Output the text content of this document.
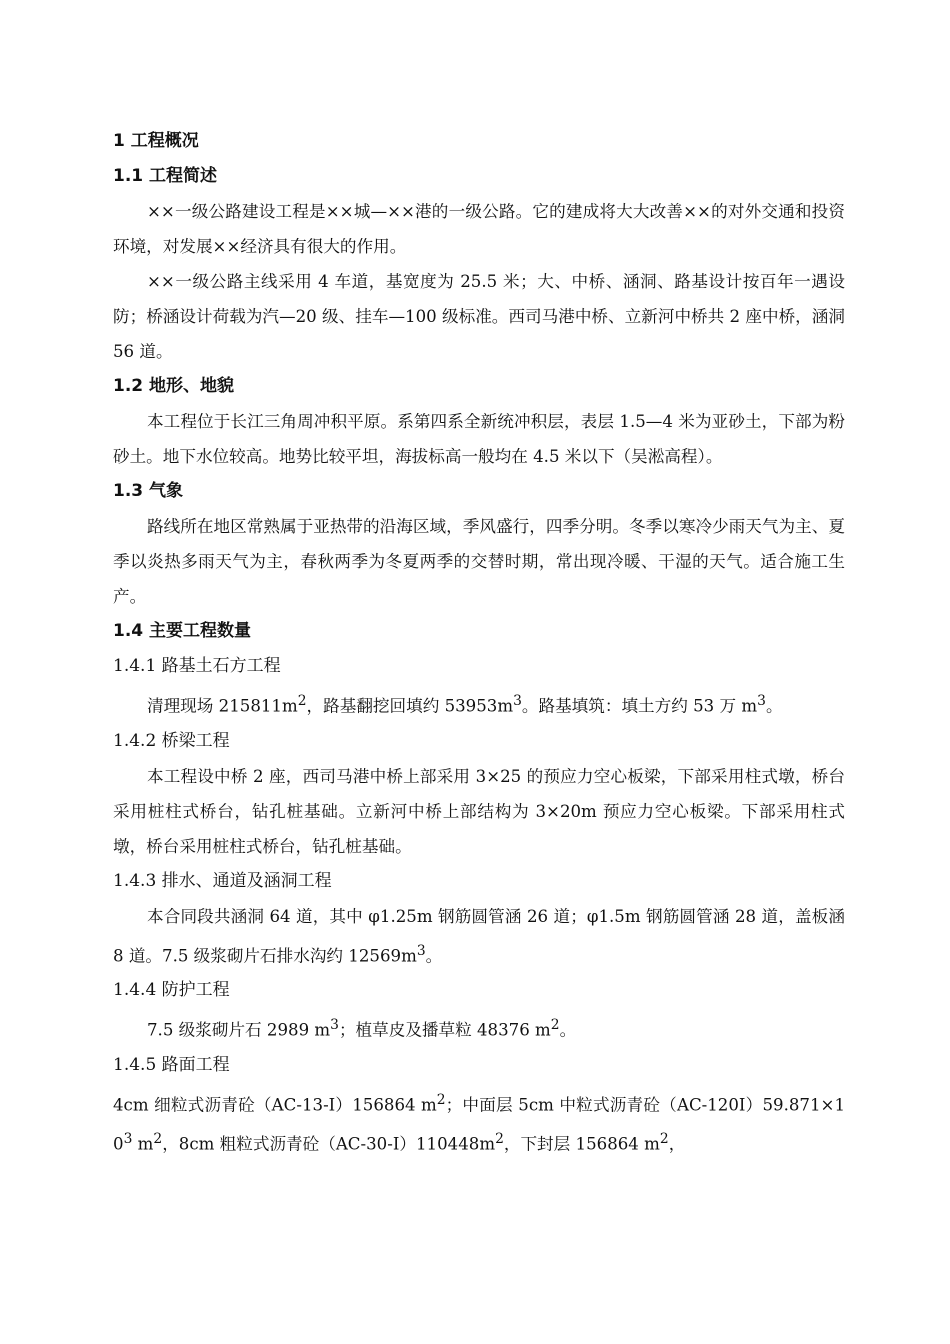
1 工程概况
1.1 工程简述
××一级公路建设工程是××城—××港的一级公路。它的建成将大大改善××的对外交通和投资环境，对发展××经济具有很大的作用。
××一级公路主线采用 4 车道，基宽度为 25.5 米；大、中桥、涵洞、路基设计按百年一遇设防；桥涵设计荷载为汽—20 级、挂车—100 级标准。西司马港中桥、立新河中桥共 2 座中桥，涵洞 56 道。
1.2 地形、地貌
本工程位于长江三角周冲积平原。系第四系全新统冲积层，表层 1.5—4 米为亚砂土，下部为粉砂土。地下水位较高。地势比较平坦，海拔标高一般均在 4.5 米以下（吴淞高程）。
1.3 气象
路线所在地区常熟属于亚热带的沿海区域，季风盛行，四季分明。冬季以寒冷少雨天气为主、夏季以炎热多雨天气为主，春秋两季为冬夏两季的交替时期，常出现冷暖、干湿的天气。适合施工生产。
1.4 主要工程数量
1.4.1 路基土石方工程
清理现场 $215811m^2$，路基翻挖回填约 $53953m^3$。路基填筑：填土方约 53 万 $m^3$。
1.4.2 桥梁工程
本工程设中桥 2 座，西司马港中桥上部采用 3×25 的预应力空心板梁，下部采用柱式墩，桥台采用桩柱式桥台，钻孔桩基础。立新河中桥上部结构为 3×20m 预应力空心板梁。下部采用柱式墩，桥台采用桩柱式桥台，钻孔桩基础。
1.4.3 排水、通道及涵洞工程
本合同段共涵洞 64 道，其中 φ1.25m 钢筋圆管涵 26 道；φ1.5m 钢筋圆管涵 28 道，盖板涵 8 道。7.5 级浆砌片石排水沟约 $12569m^3$。
1.4.4 防护工程
7.5 级浆砌片石 2989 $m^3$；植草皮及播草粒 48376 $m^2$。
1.4.5 路面工程
4cm 细粒式沥青砼（AC-13-I）156864 $m^2$；中面层 5cm 中粒式沥青砼$(AC-120I)59.871\times 10^3$ $m^2$，8cm 粗粒式沥青砼$(AC-30-I)110448m^2$，下封层 156864 $m^2$，
